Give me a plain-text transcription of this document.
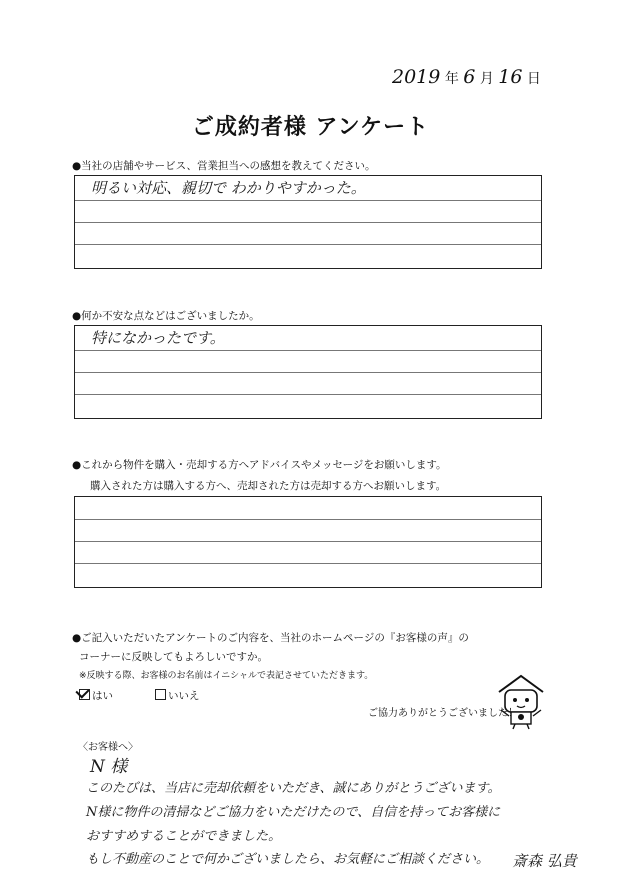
2019 年 6 月 16 日
ご成約者様 アンケート
●当社の店舗やサービス、営業担当への感想を教えてください。
明るい対応、親切で わかりやすかった。
●何か不安な点などはございましたか。
特になかったです。
●これから物件を購入・売却する方へアドバイスやメッセージをお願いします。
購入された方は購入する方へ、売却された方は売却する方へお願いします。
●ご記入いただいたアンケートのご内容を、当社のホームページの『お客様の声』の
コーナーに反映してもよろしいですか。
※反映する際、お客様のお名前はイニシャルで表記させていただきます。
はい	いいえ
ご協力ありがとうございました！
〈お客様へ〉
N 様
このたびは、当店に売却依頼をいただき、誠にありがとうございます。
N様に物件の清掃などご協力をいただけたので、自信を持ってお客様に
おすすめすることができました。
もし不動産のことで何かございましたら、お気軽にご相談ください。 斎森 弘貴
